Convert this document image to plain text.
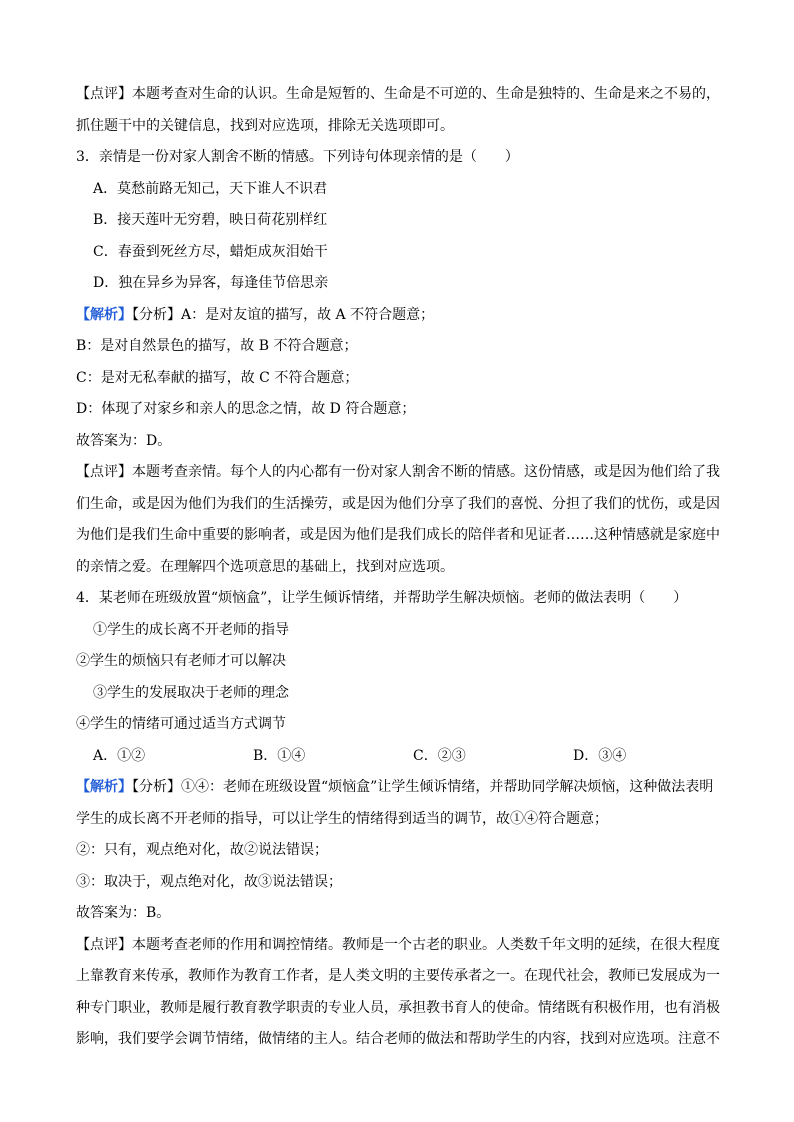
【点评】本题考查对生命的认识。生命是短暂的、生命是不可逆的、生命是独特的、生命是来之不易的，
抓住题干中的关键信息，找到对应选项，排除无关选项即可。
3．亲情是一份对家人割舍不断的情感。下列诗句体现亲情的是（　　）
A．莫愁前路无知己，天下谁人不识君
B．接天莲叶无穷碧，映日荷花别样红
C．春蚕到死丝方尽，蜡炬成灰泪始干
D．独在异乡为异客，每逢佳节倍思亲
【解析】【分析】A：是对友谊的描写，故 A 不符合题意；
B：是对自然景色的描写，故 B 不符合题意；
C：是对无私奉献的描写，故 C 不符合题意；
D：体现了对家乡和亲人的思念之情，故 D 符合题意；
故答案为：D。
【点评】本题考查亲情。每个人的内心都有一份对家人割舍不断的情感。这份情感，或是因为他们给了我
们生命，或是因为他们为我们的生活操劳，或是因为他们分享了我们的喜悦、分担了我们的忧伤，或是因
为他们是我们生命中重要的影响者，或是因为他们是我们成长的陪伴者和见证者……这种情感就是家庭中
的亲情之爱。在理解四个选项意思的基础上，找到对应选项。
4．某老师在班级放置“烦恼盒”，让学生倾诉情绪，并帮助学生解决烦恼。老师的做法表明（　　）
①学生的成长离不开老师的指导
②学生的烦恼只有老师才可以解决
③学生的发展取决于老师的理念
④学生的情绪可通过适当方式调节
A．①②	B．①④	C．②③	D．③④
【解析】【分析】①④：老师在班级设置“烦恼盒”让学生倾诉情绪，并帮助同学解决烦恼，这种做法表明
学生的成长离不开老师的指导，可以让学生的情绪得到适当的调节，故①④符合题意；
②：只有，观点绝对化，故②说法错误；
③：取决于，观点绝对化，故③说法错误；
故答案为：B。
【点评】本题考查老师的作用和调控情绪。教师是一个古老的职业。人类数千年文明的延续，在很大程度
上靠教育来传承，教师作为教育工作者，是人类文明的主要传承者之一。在现代社会，教师已发展成为一
种专门职业，教师是履行教育教学职责的专业人员，承担教书育人的使命。情绪既有积极作用，也有消极
影响，我们要学会调节情绪，做情绪的主人。结合老师的做法和帮助学生的内容，找到对应选项。注意不
